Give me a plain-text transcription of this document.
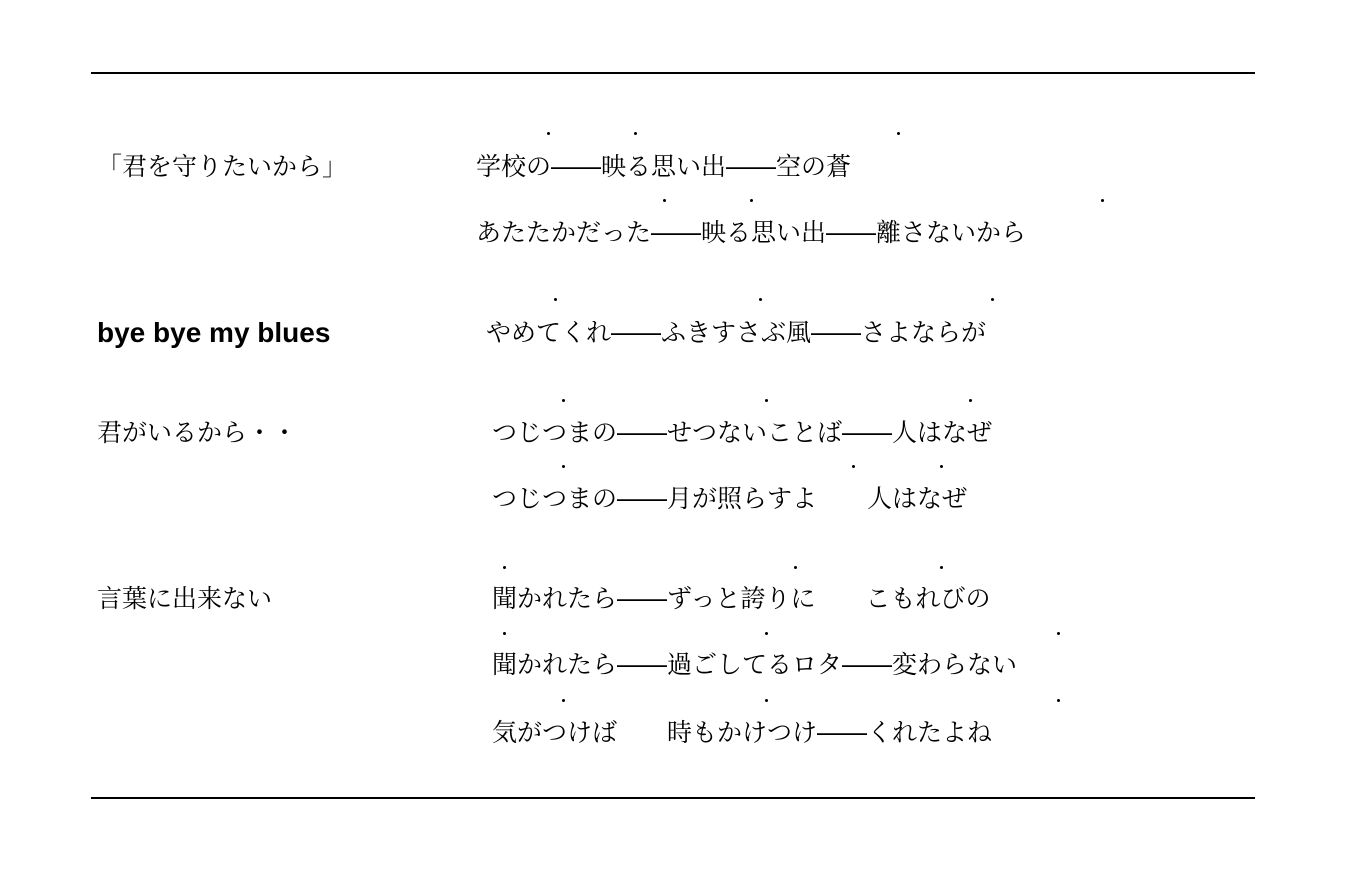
「君を守りたいから」	学校の――映る思い出――空の蒼
あたたかだった――映る思い出――離さないから
bye bye my blues	やめてくれ――ふきすさぶ風――さよならが
君がいるから・・	つじつまの――せつないことば――人はなぜ
つじつまの――月が照らすよ　　人はなぜ
言葉に出来ない	聞かれたら――ずっと誇りに　　こもれびの
聞かれたら――過ごしてるロタ――変わらない
気がつけば　　時もかけつけ――くれたよね
